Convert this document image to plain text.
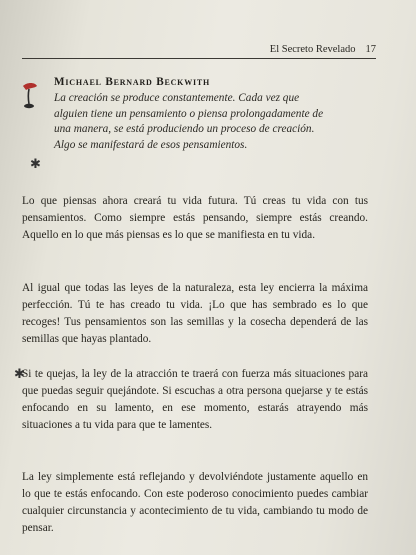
El Secreto Revelado 17
Michael Bernard Beckwith
La creación se produce constantemente. Cada vez que alguien tiene un pensamiento o piensa prolongadamente de una manera, se está produciendo un proceso de creación. Algo se manifestará de esos pensamientos.
✱
Lo que piensas ahora creará tu vida futura. Tú creas tu vida con tus pensamientos. Como siempre estás pensando, siempre estás creando. Aquello en lo que más piensas es lo que se manifiesta en tu vida.
Al igual que todas las leyes de la naturaleza, esta ley encierra la máxima perfección. Tú te has creado tu vida. ¡Lo que has sembrado es lo que recoges! Tus pensamientos son las semillas y la cosecha dependerá de las semillas que hayas plantado.
✱
Si te quejas, la ley de la atracción te traerá con fuerza más situaciones para que puedas seguir quejándote. Si escuchas a otra persona quejarse y te estás enfocando en su lamento, en ese momento, estarás atrayendo más situaciones a tu vida para que te lamentes.
La ley simplemente está reflejando y devolviéndote justamente aquello en lo que te estás enfocando. Con este poderoso conocimiento puedes cambiar cualquier circunstancia y acontecimiento de tu vida, cambiando tu modo de pensar.
